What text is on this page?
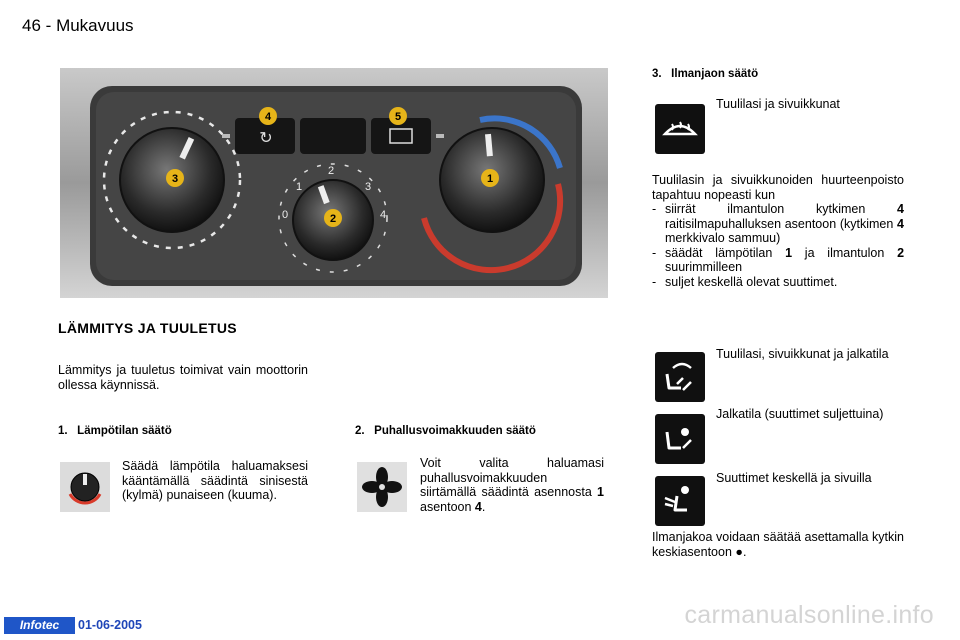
46 - Mukavuus
↻
1
2
3
4
0
3
4	5
2
1
LÄMMITYS JA TUULETUS
Lämmitys ja tuuletus toimivat vain moottorin ollessa käynnissä.
1.   Lämpötilan säätö
Säädä lämpötila haluamaksesi kääntämällä säädintä sinisestä (kylmä) punaiseen (kuuma).
2.   Puhallusvoimakkuuden säätö
Voit valita haluamasi puhallusvoimakkuuden siirtämällä säädintä asennosta 1 asentoon 4.
3.   Ilmanjaon säätö
Tuulilasi ja sivuikkunat
Tuulilasin ja sivuikkunoiden huurteenpoisto tapahtuu nopeasti kun
- siirrät ilmantulon kytkimen 4 raitisilmapuhalluksen asentoon (kytkimen 4 merkkivalo sammuu)
- säädät lämpötilan 1 ja ilmantulon 2 suurimmilleen
- suljet keskellä olevat suuttimet.
Tuulilasi, sivuikkunat ja jalkatila
Jalkatila (suuttimet suljettuina)
Suuttimet keskellä ja sivuilla
Ilmanjakoa voidaan säätää asettamalla kytkin keskiasentoon ●.
Infotec	01-06-2005	carmanualsonline.info
